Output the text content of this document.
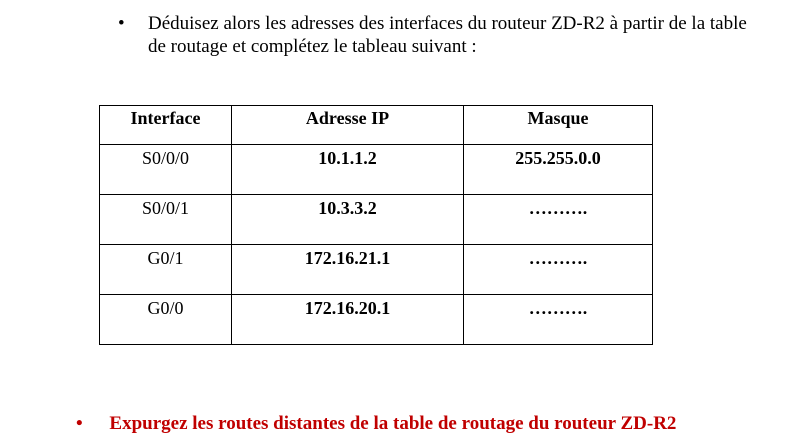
• Déduisez alors les adresses des interfaces du routeur ZD-R2 à partir de la table de routage et complétez le tableau suivant :
Interface	Adresse IP	Masque
S0/0/0	10.1.1.2	255.255.0.0
S0/0/1	10.3.3.2	……….
G0/1	172.16.21.1	……….
G0/0	172.16.20.1	……….
• Expurgez les routes distantes de la table de routage du routeur ZD-R2
